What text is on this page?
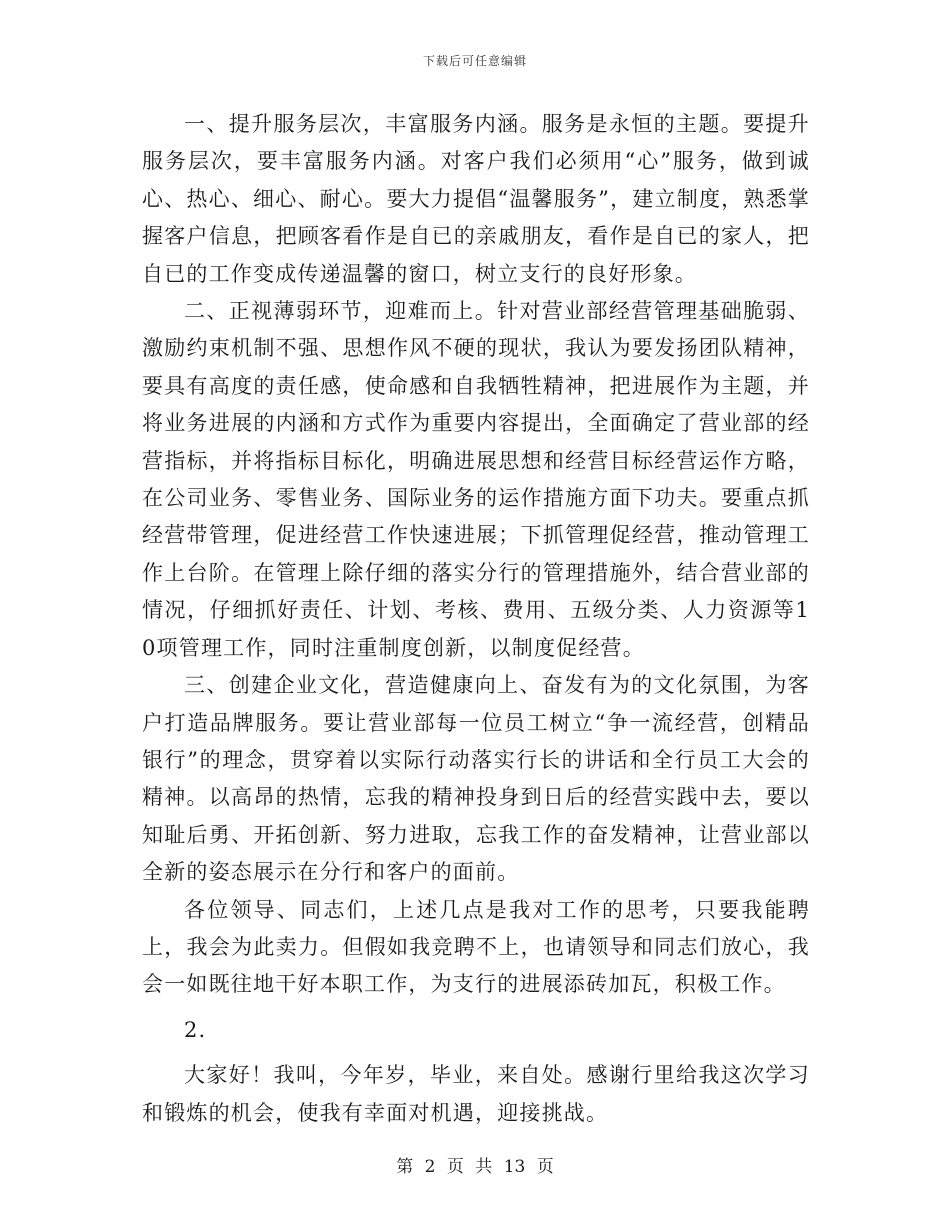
下载后可任意编辑

一、提升服务层次，丰富服务内涵。服务是永恒的主题。要提升服务层次，要丰富服务内涵。对客户我们必须用“心”服务，做到诚心、热心、细心、耐心。要大力提倡“温馨服务”，建立制度，熟悉掌握客户信息，把顾客看作是自已的亲戚朋友，看作是自已的家人，把自已的工作变成传递温馨的窗口，树立支行的良好形象。

二、正视薄弱环节，迎难而上。针对营业部经营管理基础脆弱、激励约束机制不强、思想作风不硬的现状，我认为要发扬团队精神，要具有高度的责任感，使命感和自我牺牲精神，把进展作为主题，并将业务进展的内涵和方式作为重要内容提出，全面确定了营业部的经营指标，并将指标目标化，明确进展思想和经营目标经营运作方略，在公司业务、零售业务、国际业务的运作措施方面下功夫。要重点抓经营带管理，促进经营工作快速进展；下抓管理促经营，推动管理工作上台阶。在管理上除仔细的落实分行的管理措施外，结合营业部的情况，仔细抓好责任、计划、考核、费用、五级分类、人力资源等10项管理工作，同时注重制度创新，以制度促经营。

三、创建企业文化，营造健康向上、奋发有为的文化氛围，为客户打造品牌服务。要让营业部每一位员工树立“争一流经营，创精品银行”的理念，贯穿着以实际行动落实行长的讲话和全行员工大会的精神。以高昂的热情，忘我的精神投身到日后的经营实践中去，要以知耻后勇、开拓创新、努力进取，忘我工作的奋发精神，让营业部以全新的姿态展示在分行和客户的面前。

各位领导、同志们，上述几点是我对工作的思考，只要我能聘上，我会为此卖力。但假如我竞聘不上，也请领导和同志们放心，我会一如既往地干好本职工作，为支行的进展添砖加瓦，积极工作。

2.

大家好！我叫，今年岁，毕业，来自处。感谢行里给我这次学习和锻炼的机会，使我有幸面对机遇，迎接挑战。

第 2 页 共 13 页
